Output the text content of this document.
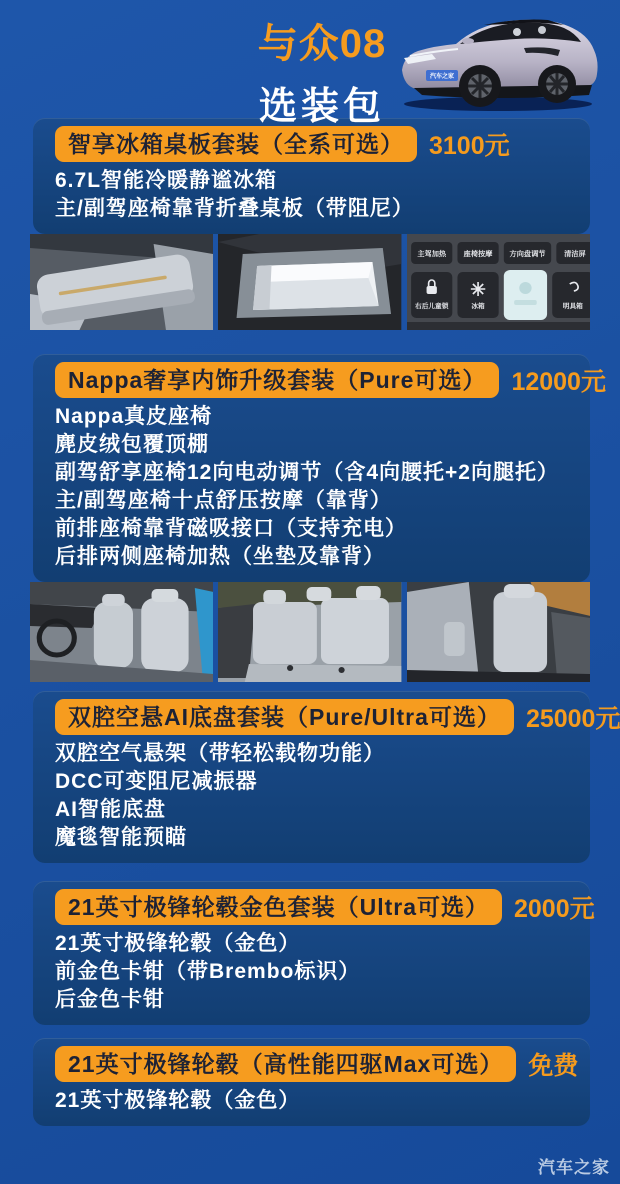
与众08
选装包
汽车之家
智享冰箱桌板套装（全系可选）	3100元
6.7L智能冷暖静谧冰箱
主/副驾座椅靠背折叠桌板（带阻尼）
主驾加热	座椅按摩 方向盘调节	清洁屏
右后儿童锁	冰箱	明具箱
Nappa奢享内饰升级套装（Pure可选）	12000元
Nappa真皮座椅
麂皮绒包覆顶棚
副驾舒享座椅12向电动调节（含4向腰托+2向腿托）
主/副驾座椅十点舒压按摩（靠背）
前排座椅靠背磁吸接口（支持充电）
后排两侧座椅加热（坐垫及靠背）
双腔空悬AI底盘套装（Pure/Ultra可选）	25000元
双腔空气悬架（带轻松载物功能）
DCC可变阻尼减振器
AI智能底盘
魔毯智能预瞄
21英寸极锋轮毂金色套装（Ultra可选）	2000元
21英寸极锋轮毂（金色）
前金色卡钳（带Brembo标识）
后金色卡钳
21英寸极锋轮毂（高性能四驱Max可选）	免费
21英寸极锋轮毂（金色）
汽车之家
